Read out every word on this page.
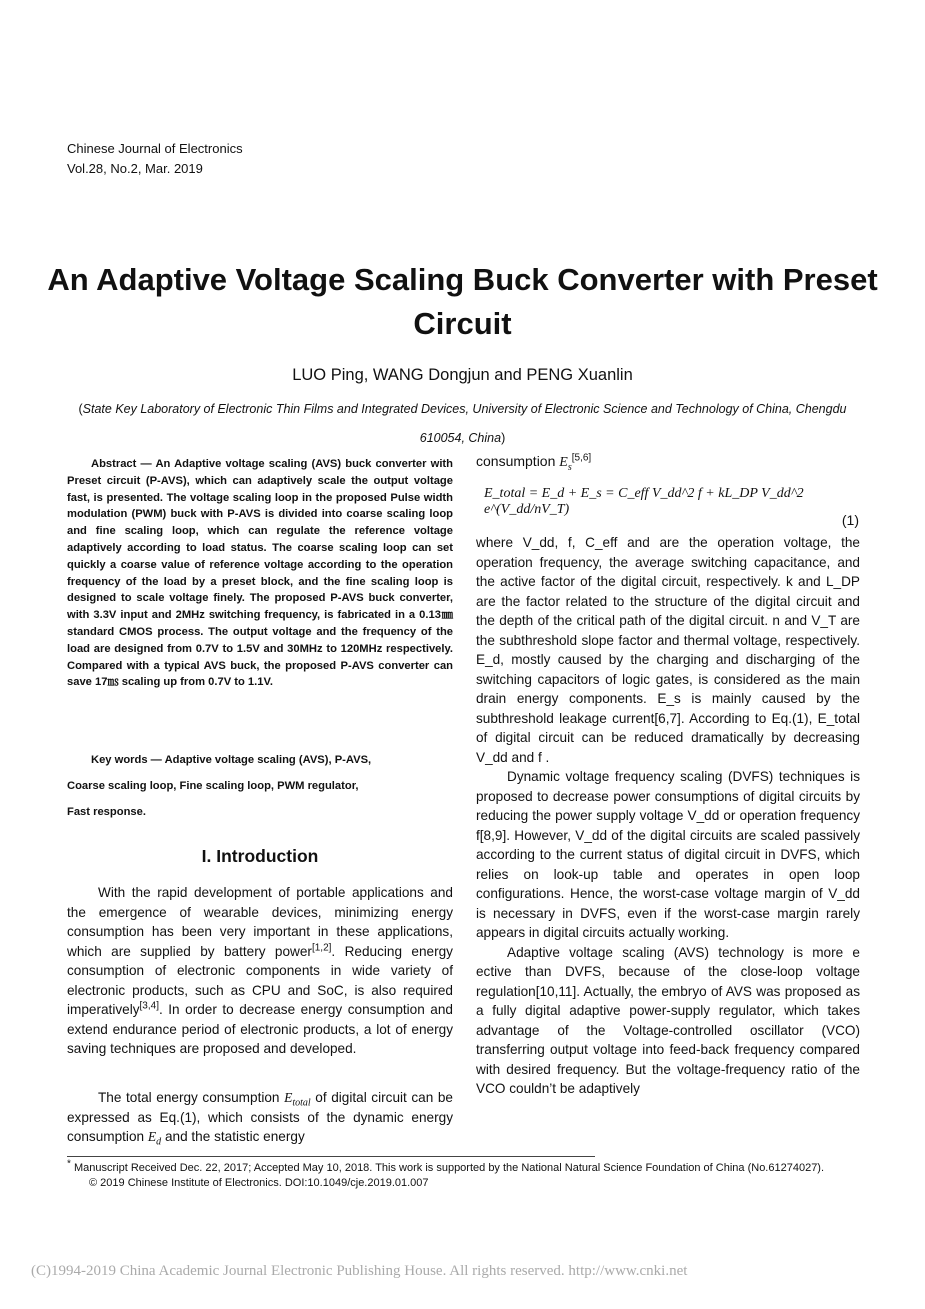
Chinese Journal of Electronics
Vol.28, No.2, Mar. 2019
An Adaptive Voltage Scaling Buck Converter with Preset Circuit
LUO Ping, WANG Dongjun and PENG Xuanlin
(State Key Laboratory of Electronic Thin Films and Integrated Devices, University of Electronic Science and Technology of China, Chengdu 610054, China)
Abstract — An Adaptive voltage scaling (AVS) buck converter with Preset circuit (P-AVS), which can adaptively scale the output voltage fast, is presented. The voltage scaling loop in the proposed Pulse width modulation (PWM) buck with P-AVS is divided into coarse scaling loop and fine scaling loop, which can regulate the reference voltage adaptively according to load status. The coarse scaling loop can set quickly a coarse value of reference voltage according to the operation frequency of the load by a preset block, and the fine scaling loop is designed to scale voltage finely. The proposed P-AVS buck converter, with 3.3V input and 2MHz switching frequency, is fabricated in a 0.13㎜ standard CMOS process. The output voltage and the frequency of the load are designed from 0.7V to 1.5V and 30MHz to 120MHz respectively. Compared with a typical AVS buck, the proposed P-AVS converter can save 17㎳ scaling up from 0.7V to 1.1V.
Key words — Adaptive voltage scaling (AVS), P-AVS,
Coarse scaling loop, Fine scaling loop, PWM regulator,
Fast response.
I. Introduction

With the rapid development of portable applications and the emergence of wearable devices, minimizing energy consumption has been very important in these applications, which are supplied by battery power[1,2]. Reducing energy consumption of electronic components in wide variety of electronic products, such as CPU and SoC, is also required imperatively[3,4]. In order to decrease energy consumption and extend endurance period of electronic products, a lot of energy saving techniques are proposed and developed.

The total energy consumption $E_{total}$ of digital circuit can be expressed as Eq.(1), which consists of the dynamic energy consumption $E_d$ and the statistic energy

consumption $E_s[5,6]$
E_total = E_d + E_s = C_eff V_dd^2 f + kL_DP V_dd^2 e^(V_dd/nV_T)
(1)

where V_dd, f, C_eff and are the operation voltage, the operation frequency, the average switching capacitance, and the active factor of the digital circuit, respectively. k and L_DP are the factor related to the structure of the digital circuit and the depth of the critical path of the digital circuit. n and V_T are the subthreshold slope factor and thermal voltage, respectively. E_d, mostly caused by the charging and discharging of the switching capacitors of logic gates, is considered as the main drain energy components. E_s is mainly caused by the subthreshold leakage current[6,7]. According to Eq.(1), E_total of digital circuit can be reduced dramatically by decreasing V_dd and f .

Dynamic voltage frequency scaling (DVFS) techniques is proposed to decrease power consumptions of digital circuits by reducing the power supply voltage V_dd or operation frequency f[8,9]. However, V_dd of the digital circuits are scaled passively according to the current status of digital circuit in DVFS, which relies on look-up table and operates in open loop configurations. Hence, the worst-case voltage margin of V_dd is necessary in DVFS, even if the worst-case margin rarely appears in digital circuits actually working.

Adaptive voltage scaling (AVS) technology is more e ective than DVFS, because of the close-loop voltage regulation[10,11]. Actually, the embryo of AVS was proposed as a fully digital adaptive power-supply regulator, which takes advantage of the Voltage-controlled oscillator (VCO) transferring output voltage into feed-back frequency compared with desired frequency. But the voltage-frequency ratio of the VCO couldn’t be adaptively

* Manuscript Received Dec. 22, 2017; Accepted May 10, 2018. This work is supported by the National Natural Science Foundation of China (No.61274027).

© 2019 Chinese Institute of Electronics. DOI:10.1049/cje.2019.01.007

(C)1994-2019 China Academic Journal Electronic Publishing House. All rights reserved. http://www.cnki.net
